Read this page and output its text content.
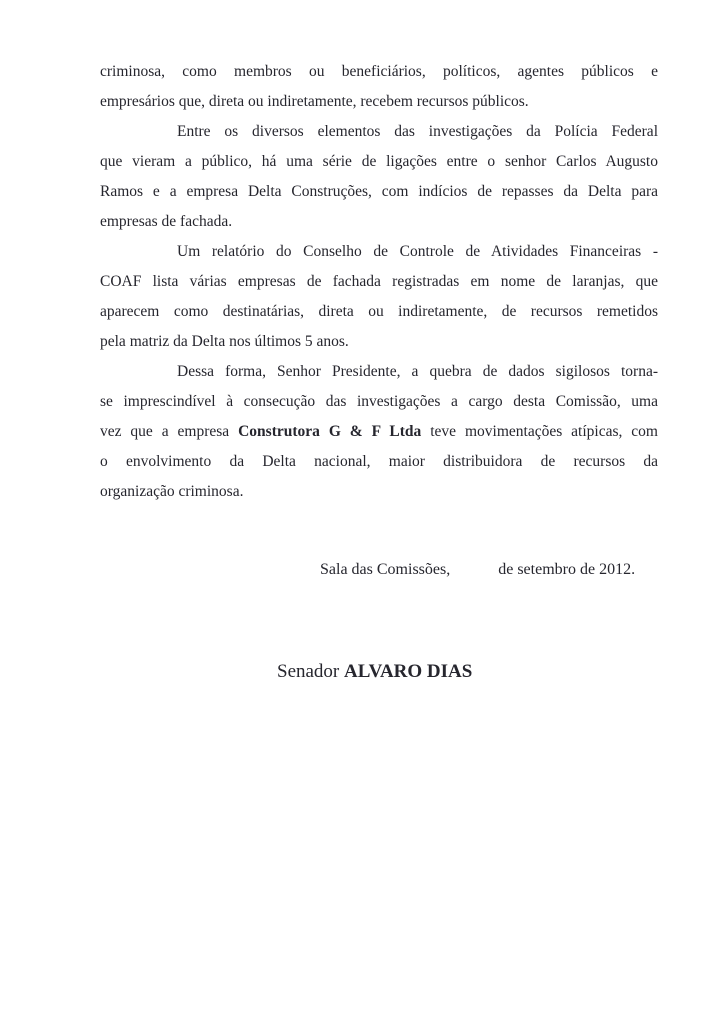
criminosa, como membros ou beneficiários, políticos, agentes públicos e
empresários que, direta ou indiretamente, recebem recursos públicos.
Entre os diversos elementos das investigações da Polícia Federal
que vieram a público, há uma série de ligações entre o senhor Carlos Augusto
Ramos e a empresa Delta Construções, com indícios de repasses da Delta para
empresas de fachada.
Um relatório do Conselho de Controle de Atividades Financeiras -
COAF lista várias empresas de fachada registradas em nome de laranjas, que
aparecem como destinatárias, direta ou indiretamente, de recursos remetidos
pela matriz da Delta nos últimos 5 anos.
Dessa forma, Senhor Presidente, a quebra de dados sigilosos torna-
se imprescindível à consecução das investigações a cargo desta Comissão, uma
vez que a empresa Construtora G & F Ltda teve movimentações atípicas, com
o envolvimento da Delta nacional, maior distribuidora de recursos da
organização criminosa.
Sala das Comissões,	de setembro de 2012.
Senador ALVARO DIAS
